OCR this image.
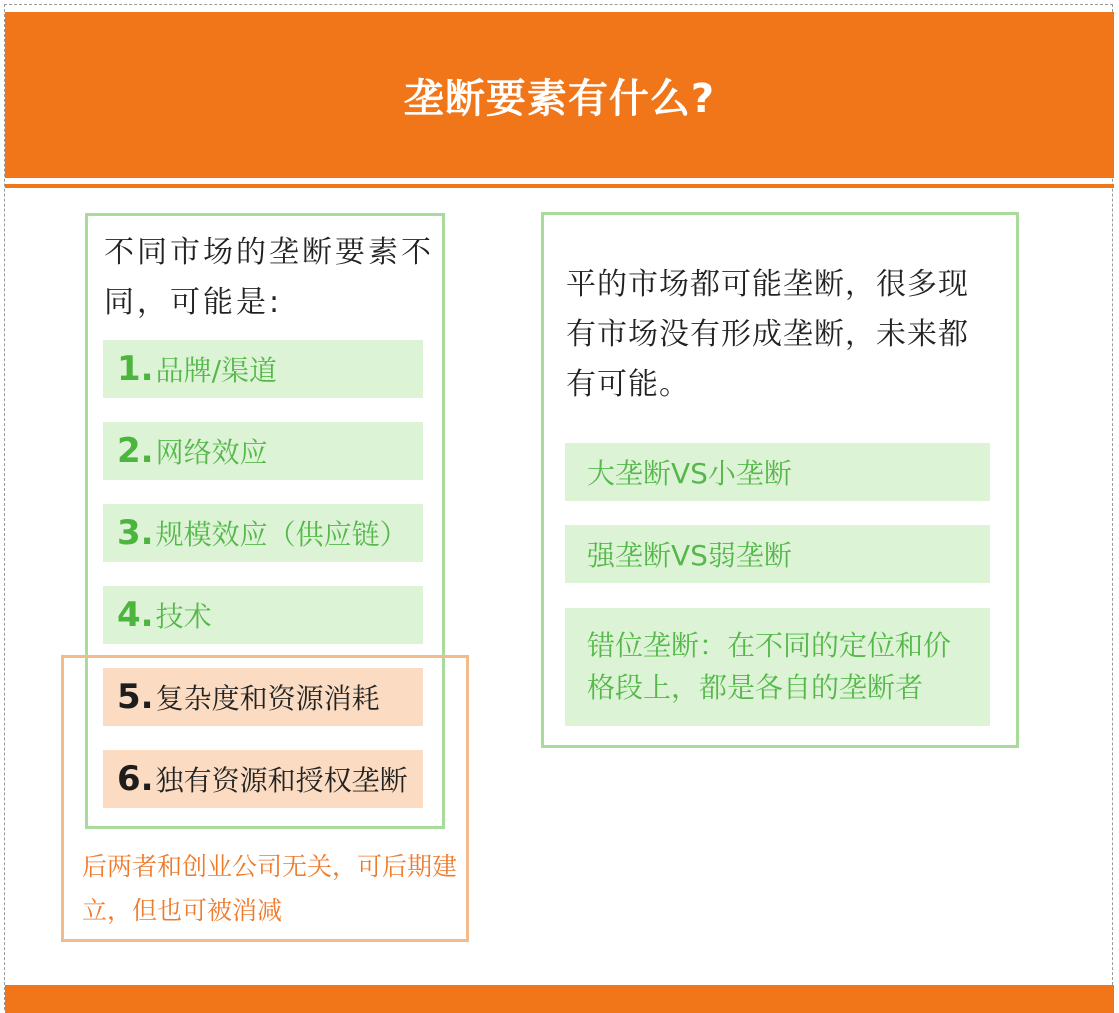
垄断要素有什么?
不同市场的垄断要素不同，可能是:
1. 品牌/渠道
2. 网络效应
3. 规模效应（供应链）
4. 技术
5. 复杂度和资源消耗
6. 独有资源和授权垄断
后两者和创业公司无关，可后期建立，但也可被消减
平的市场都可能垄断，很多现有市场没有形成垄断，未来都有可能。
大垄断VS小垄断
强垄断VS弱垄断
错位垄断：在不同的定位和价格段上，都是各自的垄断者
